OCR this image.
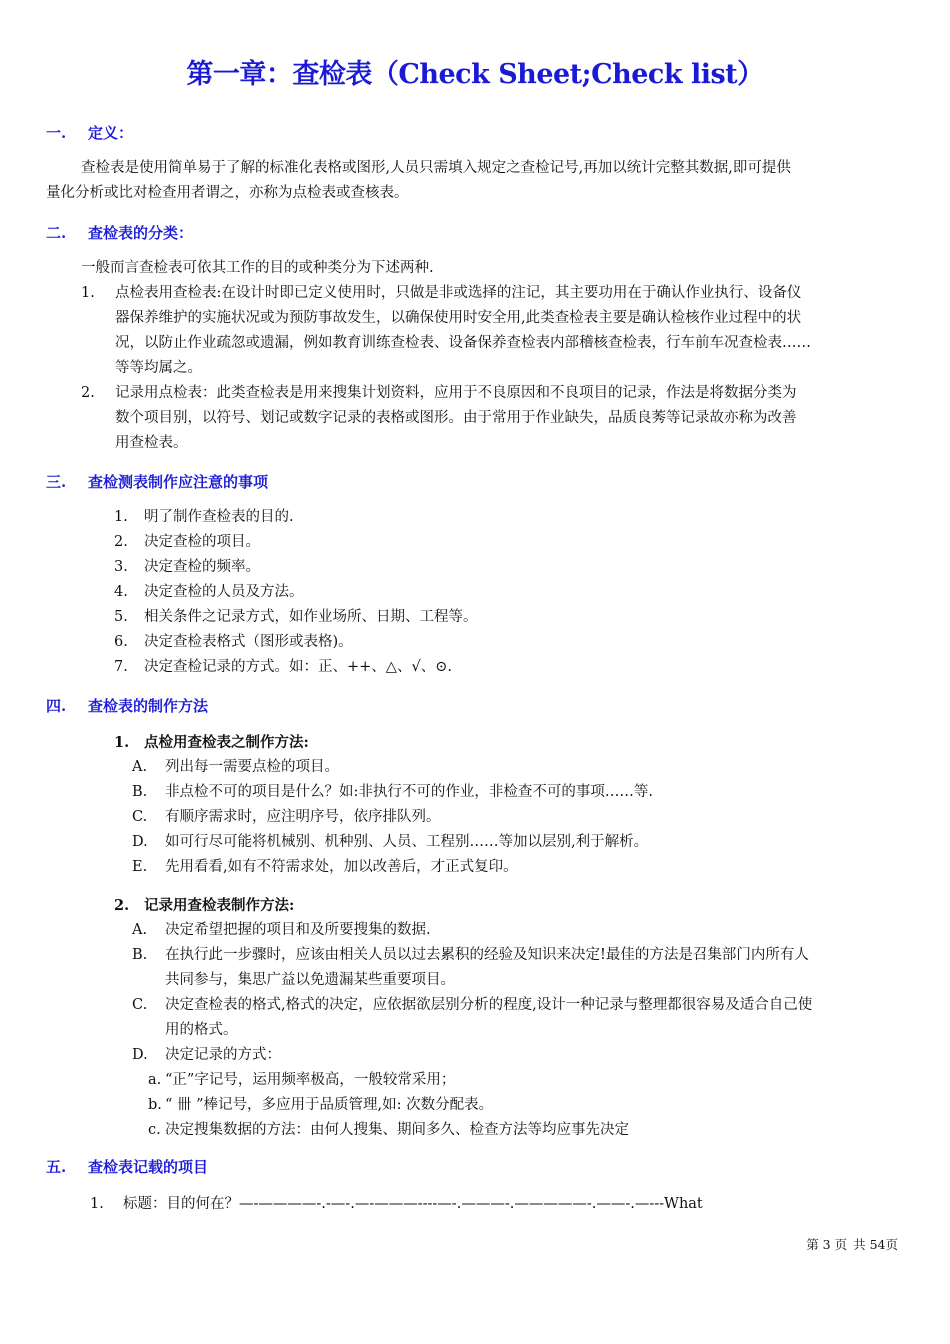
第一章：查检表（Check Sheet;Check list）
一. 定义：
查检表是使用简单易于了解的标准化表格或图形,人员只需填入规定之查检记号,再加以统计完整其数据,即可提供
量化分析或比对检查用者谓之，亦称为点检表或查核表。
二. 查检表的分类：
一般而言查检表可依其工作的目的或种类分为下述两种.
1. 点检表用查检表:在设计时即已定义使用时，只做是非或选择的注记，其主要功用在于确认作业执行、设备仪
器保养维护的实施状况或为预防事故发生，以确保使用时安全用,此类查检表主要是确认检核作业过程中的状
况，以防止作业疏忽或遗漏，例如教育训练查检表、设备保养查检表内部稽核查检表，行车前车况查检表……
等等均属之。
2. 记录用点检表：此类查检表是用来搜集计划资料，应用于不良原因和不良项目的记录，作法是将数据分类为
数个项目别，以符号、划记或数字记录的表格或图形。由于常用于作业缺失，品质良莠等记录故亦称为改善
用查检表。
三. 查检测表制作应注意的事项
1. 明了制作查检表的目的.
2. 决定查检的项目。
3. 决定查检的频率。
4. 决定查检的人员及方法。
5. 相关条件之记录方式，如作业场所、日期、工程等。
6. 决定查检表格式（图形或表格)。
7. 决定查检记录的方式。如：正、++、△、√、⊙.
四. 查检表的制作方法
1. 点检用查检表之制作方法:
A. 列出每一需要点检的项目。
B. 非点检不可的项目是什么？如:非执行不可的作业，非检查不可的事项……等.
C. 有顺序需求时，应注明序号，依序排队列。
D. 如可行尽可能将机械别、机种别、人员、工程别……等加以层别,利于解析。
E. 先用看看,如有不符需求处，加以改善后，才正式复印。
2. 记录用查检表制作方法:
A. 决定希望把握的项目和及所要搜集的数据.
B. 在执行此一步骤时，应该由相关人员以过去累积的经验及知识来决定!最佳的方法是召集部门内所有人
共同参与，集思广益以免遗漏某些重要项目。
C. 决定查检表的格式,格式的决定，应依据欲层别分析的程度,设计一种记录与整理都很容易及适合自己使
用的格式。
D. 决定记录的方式：
a. “正”字记号，运用频率极高，一般较常采用；
b. “ 卌 ”棒记号，多应用于品质管理,如: 次数分配表。
c. 决定搜集数据的方法：由何人搜集、期间多久、检查方法等均应事先决定
五. 查检表记载的项目
1. 标题：目的何在？—-————-.-—-.—-———----—-.———-.—————-.——-.—---What
第 3 页 共 54页
